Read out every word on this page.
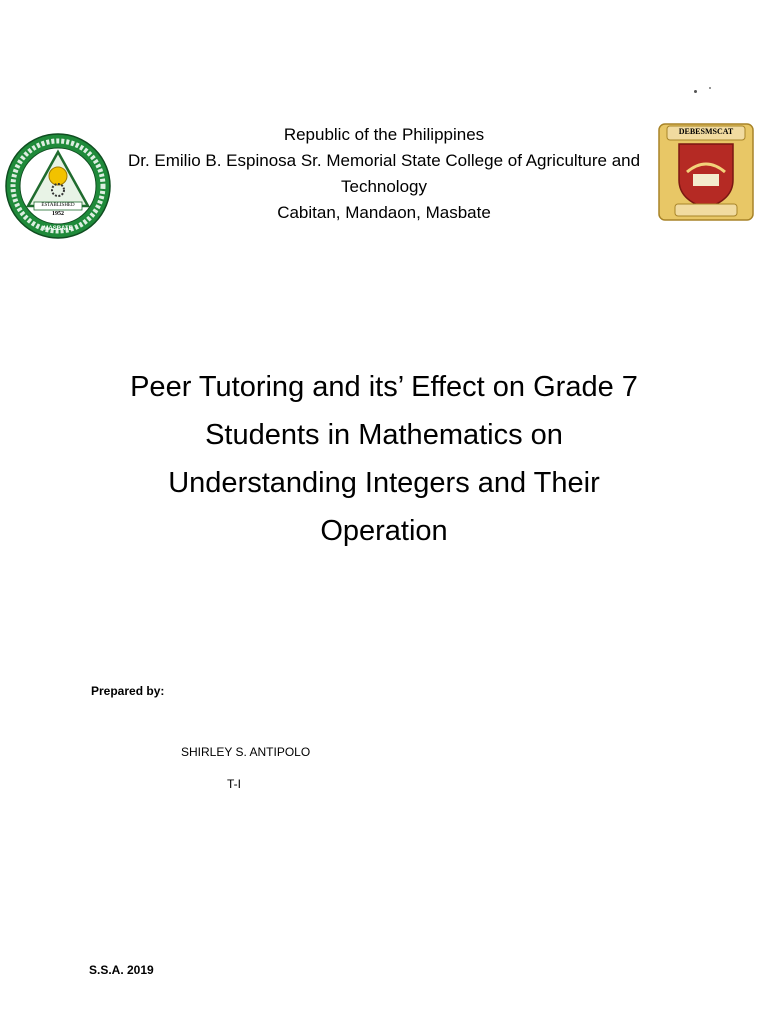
ESTABLISHED
1952
MASBATE
DEBESMSCAT
Republic of the Philippines
Dr. Emilio B. Espinosa Sr. Memorial State College of Agriculture and
Technology
Cabitan, Mandaon, Masbate
Peer Tutoring and its’ Effect on Grade 7
Students in Mathematics on
Understanding Integers and Their
Operation
Prepared by:
SHIRLEY S. ANTIPOLO
T-I
S.S.A. 2019
